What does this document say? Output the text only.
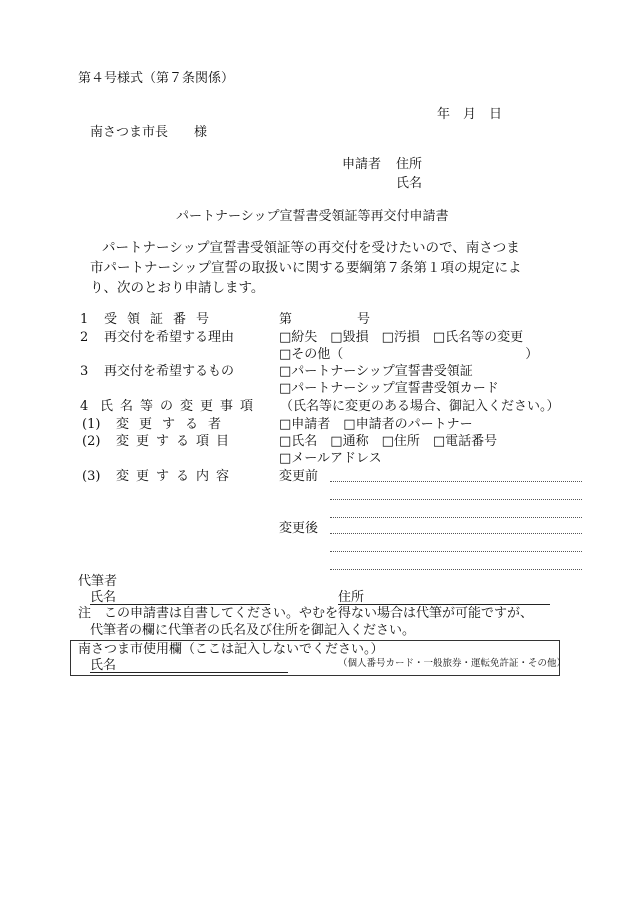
第４号様式（第７条関係）
年　月　日
南さつま市長　　様
申請者 住所
氏名
パートナーシップ宣誓書受領証等再交付申請書
パートナーシップ宣誓書受領証等の再交付を受けたいので、南さつま
市パートナーシップ宣誓の取扱いに関する要綱第７条第１項の規定によ
り、次のとおり申請します。
1 受領証番号	第　　　　　号
2 再交付を希望する理由	□紛失　□毀損　□汚損　□氏名等の変更
□その他（　　　　　　　　　　　　　　）
3 再交付を希望するもの	□パートナーシップ宣誓書受領証
□パートナーシップ宣誓書受領カード
4 氏名等の変更事項 （氏名等に変更のある場合、御記入ください。）
(1) 変更する者	□申請者　□申請者のパートナー
(2) 変更する項目	□氏名　□通称　□住所　□電話番号
□メールアドレス
(3) 変更する内容	変更前
変更後
代筆者
氏名	住所
注　この申請書は自書してください。やむを得ない場合は代筆が可能ですが、
代筆者の欄に代筆者の氏名及び住所を御記入ください。
南さつま市使用欄（ここは記入しないでください。）
氏名	（個人番号カード・一般旅券・運転免許証・その他）
